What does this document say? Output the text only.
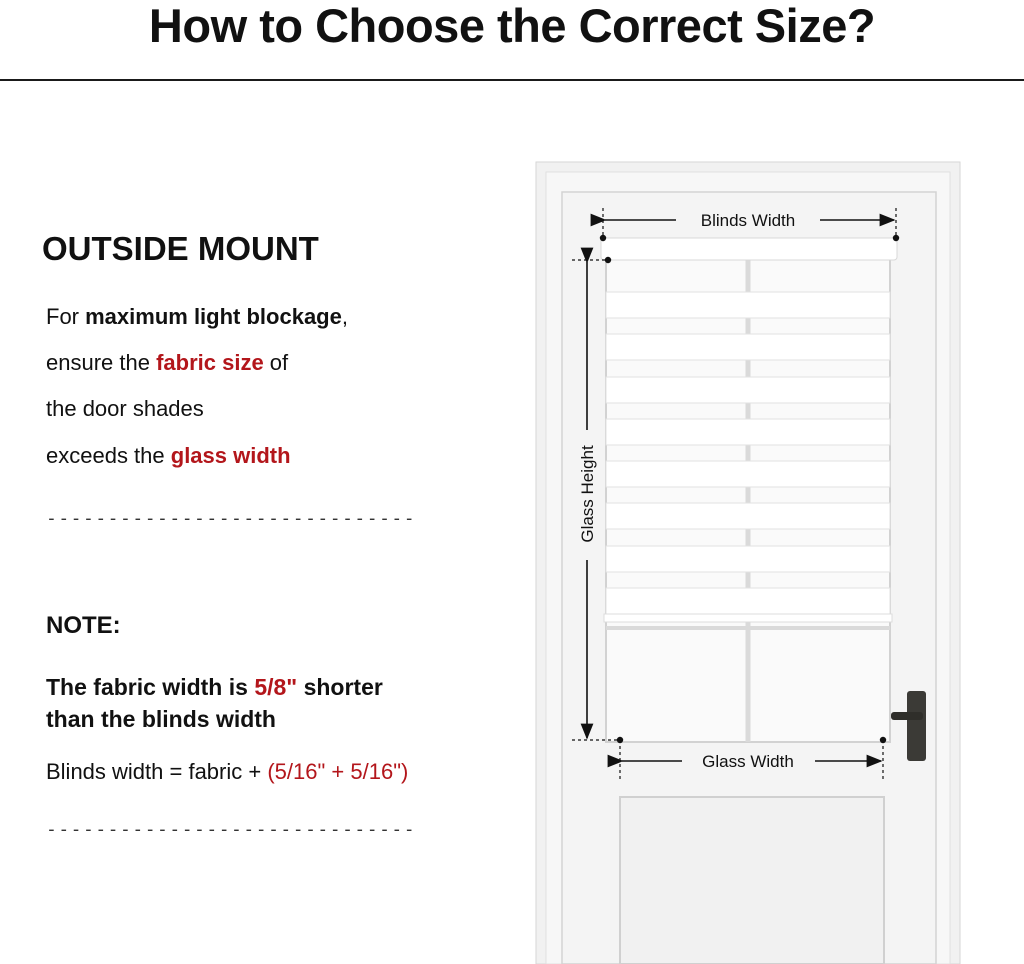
How to Choose the Correct Size?
OUTSIDE MOUNT
For maximum light blockage,
ensure the fabric size of
the door shades
exceeds the glass width
------------------------------
NOTE:
The fabric width is 5/8" shorter
than the blinds width
Blinds width = fabric + (5/16" + 5/16")
------------------------------
Blinds Width
Glass Width
Glass Height
